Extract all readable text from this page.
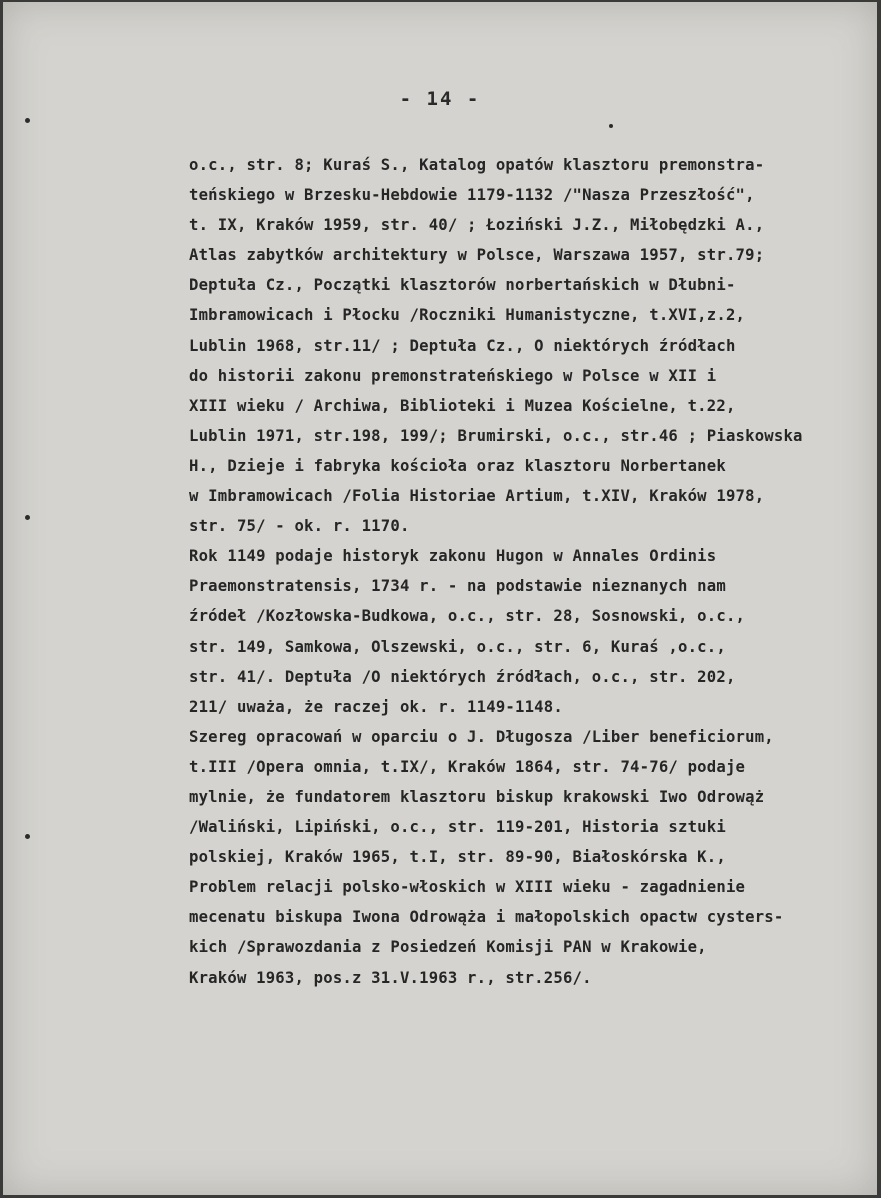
- 14 -
o.c., str. 8; Kuraś S., Katalog opatów klasztoru premonstra-
teńskiego w Brzesku-Hebdowie 1179-1132 /"Nasza Przeszłość",
t. IX, Kraków 1959, str. 40/ ; Łoziński J.Z., Miłobędzki A.,
Atlas zabytków architektury w Polsce, Warszawa 1957, str.79;
Deptuła Cz., Początki klasztorów norbertańskich w Dłubni-
Imbramowicach i Płocku /Roczniki Humanistyczne, t.XVI,z.2,
Lublin 1968, str.11/ ; Deptuła Cz., O niektórych źródłach
do historii zakonu premonstrateńskiego w Polsce w XII i
XIII wieku / Archiwa, Biblioteki i Muzea Kościelne, t.22,
Lublin 1971, str.198, 199/; Brumirski, o.c., str.46 ; Piaskowska
H., Dzieje i fabryka kościoła oraz klasztoru Norbertanek
w Imbramowicach /Folia Historiae Artium, t.XIV, Kraków 1978,
str. 75/ - ok. r. 1170.
Rok 1149 podaje historyk zakonu Hugon w Annales Ordinis
Praemonstratensis, 1734 r. - na podstawie nieznanych nam
źródeł /Kozłowska-Budkowa, o.c., str. 28, Sosnowski, o.c.,
str. 149, Samkowa, Olszewski, o.c., str. 6, Kuraś ,o.c.,
str. 41/. Deptuła /O niektórych źródłach, o.c., str. 202,
211/ uważa, że raczej ok. r. 1149-1148.
Szereg opracowań w oparciu o J. Długosza /Liber beneficiorum,
t.III /Opera omnia, t.IX/, Kraków 1864, str. 74-76/ podaje
mylnie, że fundatorem klasztoru biskup krakowski Iwo Odrowąż
/Waliński, Lipiński, o.c., str. 119-201, Historia sztuki
polskiej, Kraków 1965, t.I, str. 89-90, Białoskórska K.,
Problem relacji polsko-włoskich w XIII wieku - zagadnienie
mecenatu biskupa Iwona Odrowąża i małopolskich opactw cysters-
kich /Sprawozdania z Posiedzeń Komisji PAN w Krakowie,
Kraków 1963, pos.z 31.V.1963 r., str.256/.
